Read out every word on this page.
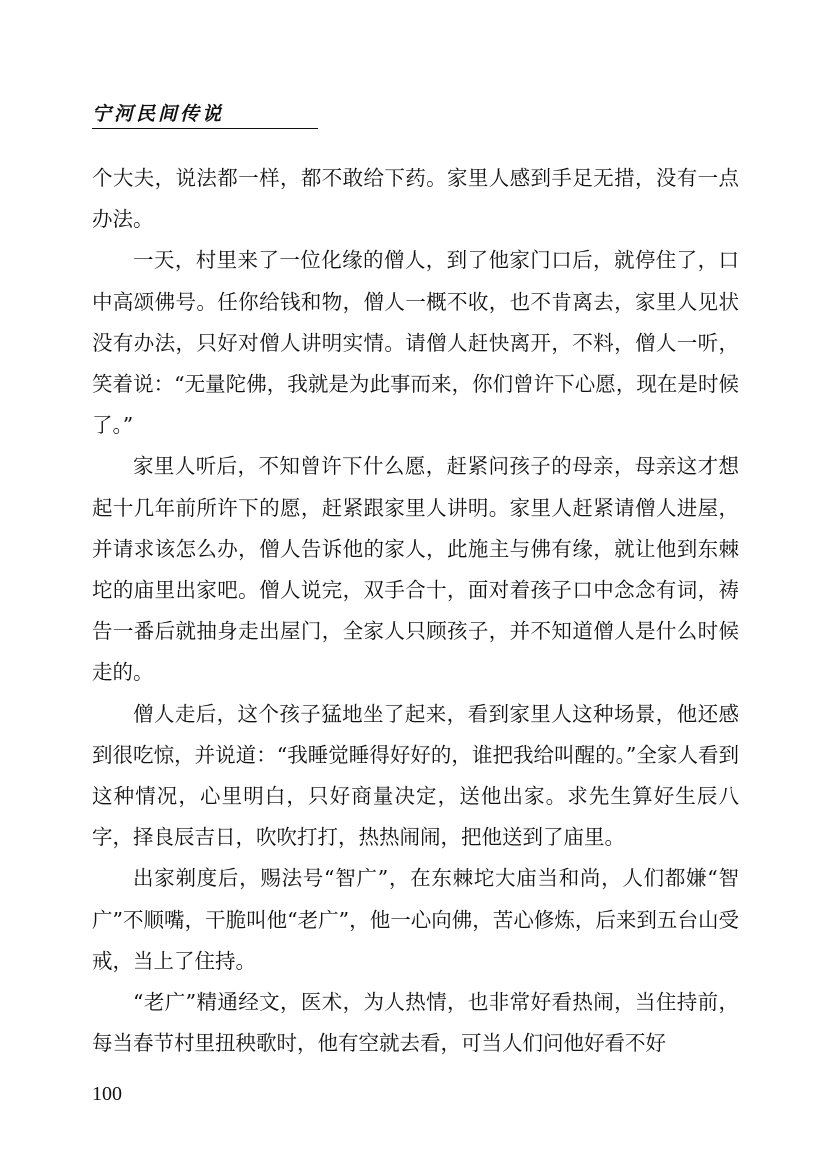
宁河民间传说

个大夫，说法都一样，都不敢给下药。家里人感到手足无措，没有一点办法。

一天，村里来了一位化缘的僧人，到了他家门口后，就停住了，口中高颂佛号。任你给钱和物，僧人一概不收，也不肯离去，家里人见状没有办法，只好对僧人讲明实情。请僧人赶快离开，不料，僧人一听，笑着说：“无量陀佛，我就是为此事而来，你们曾许下心愿，现在是时候了。”

家里人听后，不知曾许下什么愿，赶紧问孩子的母亲，母亲这才想起十几年前所许下的愿，赶紧跟家里人讲明。家里人赶紧请僧人进屋，并请求该怎么办，僧人告诉他的家人，此施主与佛有缘，就让他到东棘坨的庙里出家吧。僧人说完，双手合十，面对着孩子口中念念有词，祷告一番后就抽身走出屋门，全家人只顾孩子，并不知道僧人是什么时候走的。

僧人走后，这个孩子猛地坐了起来，看到家里人这种场景，他还感到很吃惊，并说道：“我睡觉睡得好好的，谁把我给叫醒的。”全家人看到这种情况，心里明白，只好商量决定，送他出家。求先生算好生辰八字，择良辰吉日，吹吹打打，热热闹闹，把他送到了庙里。

出家剃度后，赐法号“智广”，在东棘坨大庙当和尚，人们都嫌“智广”不顺嘴，干脆叫他“老广”，他一心向佛，苦心修炼，后来到五台山受戒，当上了住持。

“老广”精通经文，医术，为人热情，也非常好看热闹，当住持前，每当春节村里扭秧歌时，他有空就去看，可当人们问他好看不好

100
